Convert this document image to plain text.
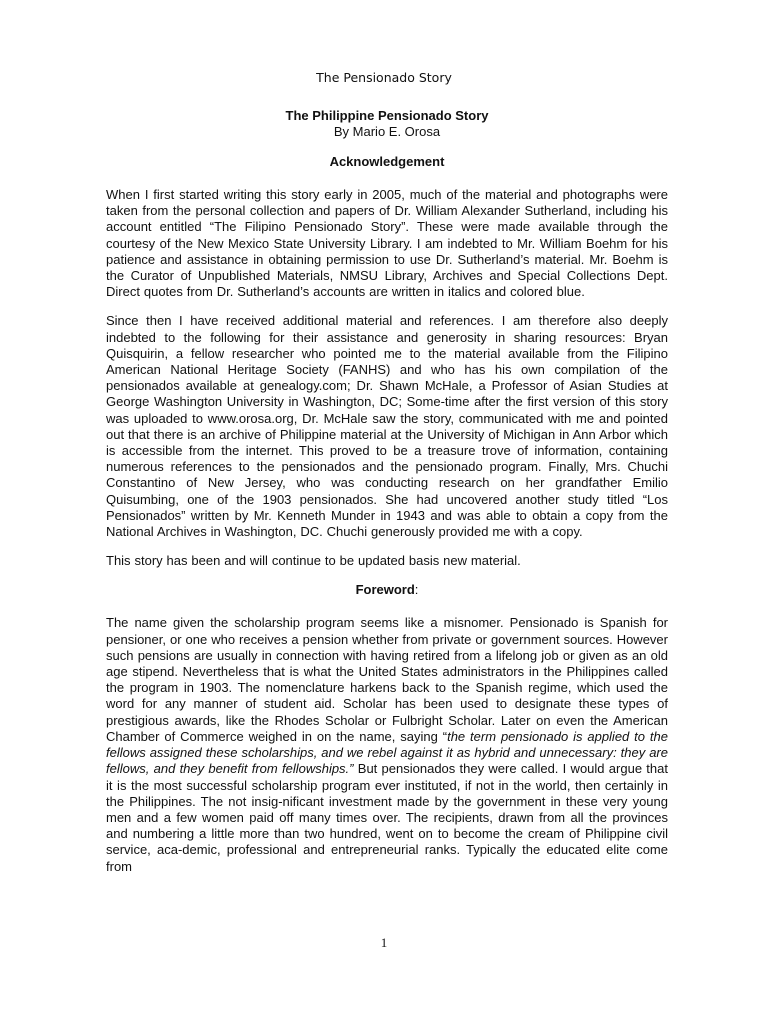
The Pensionado Story

The Philippine Pensionado Story

By Mario E. Orosa

Acknowledgement

When I first started writing this story early in 2005, much of the material and photographs were taken from the personal collection and papers of Dr. William Alexander Sutherland, including his account entitled “The Filipino Pensionado Story”. These were made available through the courtesy of the New Mexico State University Library. I am indebted to Mr. William Boehm for his patience and assistance in obtaining permission to use Dr. Sutherland’s material. Mr. Boehm is the Curator of Unpublished Materials, NMSU Library, Archives and Special Collections Dept. Direct quotes from Dr. Sutherland’s accounts are written in italics and colored blue.

Since then I have received additional material and references. I am therefore also deeply indebted to the following for their assistance and generosity in sharing resources: Bryan Quisquirin, a fellow researcher who pointed me to the material available from the Filipino American National Heritage Society (FANHS) and who has his own compilation of the pensionados available at genealogy.com; Dr. Shawn McHale, a Professor of Asian Studies at George Washington University in Washington, DC; Some-time after the first version of this story was uploaded to www.orosa.org, Dr. McHale saw the story, communicated with me and pointed out that there is an archive of Philippine material at the University of Michigan in Ann Arbor which is accessible from the internet. This proved to be a treasure trove of information, containing numerous references to the pensionados and the pensionado program. Finally, Mrs. Chuchi Constantino of New Jersey, who was conducting research on her grandfather Emilio Quisumbing, one of the 1903 pensionados. She had uncovered another study titled “Los Pensionados” written by Mr. Kenneth Munder in 1943 and was able to obtain a copy from the National Archives in Washington, DC. Chuchi generously provided me with a copy.

This story has been and will continue to be updated basis new material.

Foreword:

The name given the scholarship program seems like a misnomer. Pensionado is Spanish for pensioner, or one who receives a pension whether from private or government sources. However such pensions are usually in connection with having retired from a lifelong job or given as an old age stipend. Nevertheless that is what the United States administrators in the Philippines called the program in 1903. The nomenclature harkens back to the Spanish regime, which used the word for any manner of student aid. Scholar has been used to designate these types of prestigious awards, like the Rhodes Scholar or Fulbright Scholar. Later on even the American Chamber of Commerce weighed in on the name, saying “the term pensionado is applied to the fellows assigned these scholarships, and we rebel against it as hybrid and unnecessary: they are fellows, and they benefit from fellowships.” But pensionados they were called. I would argue that it is the most successful scholarship program ever instituted, if not in the world, then certainly in the Philippines. The not insig-nificant investment made by the government in these very young men and a few women paid off many times over. The recipients, drawn from all the provinces and numbering a little more than two hundred, went on to become the cream of Philippine civil service, aca-demic, professional and entrepreneurial ranks. Typically the educated elite come from

1
